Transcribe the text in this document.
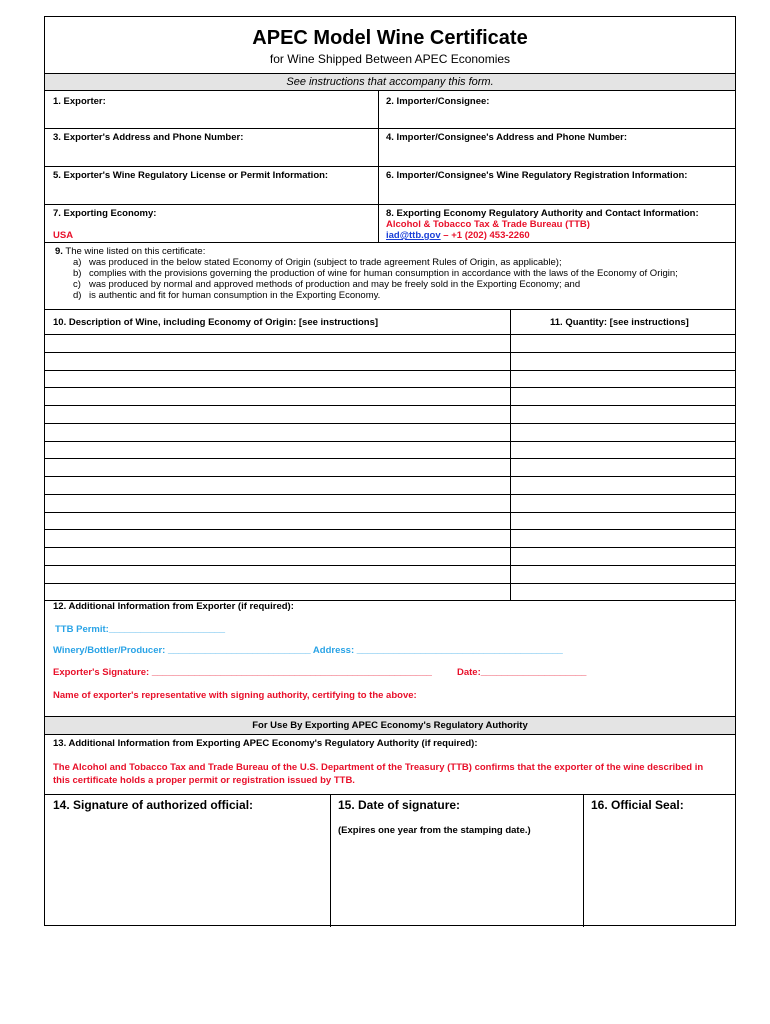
APEC Model Wine Certificate
for Wine Shipped Between APEC Economies
See instructions that accompany this form.
1. Exporter:	2. Importer/Consignee:
3. Exporter's Address and Phone Number:	4. Importer/Consignee's Address and Phone Number:
5. Exporter's Wine Regulatory License or Permit Information:	6. Importer/Consignee's Wine Regulatory Registration Information:
7. Exporting Economy:
USA
8. Exporting Economy Regulatory Authority and Contact Information:
Alcohol & Tobacco Tax & Trade Bureau (TTB)
iad@ttb.gov – +1 (202) 453-2260
9. The wine listed on this certificate:
a) was produced in the below stated Economy of Origin (subject to trade agreement Rules of Origin, as applicable);
b) complies with the provisions governing the production of wine for human consumption in accordance with the laws of the Economy of Origin;
c) was produced by normal and approved methods of production and may be freely sold in the Exporting Economy; and
d) is authentic and fit for human consumption in the Exporting Economy.
10. Description of Wine, including Economy of Origin: [see instructions]	11. Quantity: [see instructions]
12. Additional Information from Exporter (if required):
TTB Permit:______________________
Winery/Bottler/Producer: ___________________________ Address: _______________________________________
Exporter's Signature: _____________________________________________________	Date:____________________
Name of exporter's representative with signing authority, certifying to the above:
For Use By Exporting APEC Economy's Regulatory Authority
13. Additional Information from Exporting APEC Economy's Regulatory Authority (if required):
The Alcohol and Tobacco Tax and Trade Bureau of the U.S. Department of the Treasury (TTB) confirms that the exporter of the wine described in this certificate holds a proper permit or registration issued by TTB.
14. Signature of authorized official:	15. Date of signature:
(Expires one year from the stamping date.)
16. Official Seal:
